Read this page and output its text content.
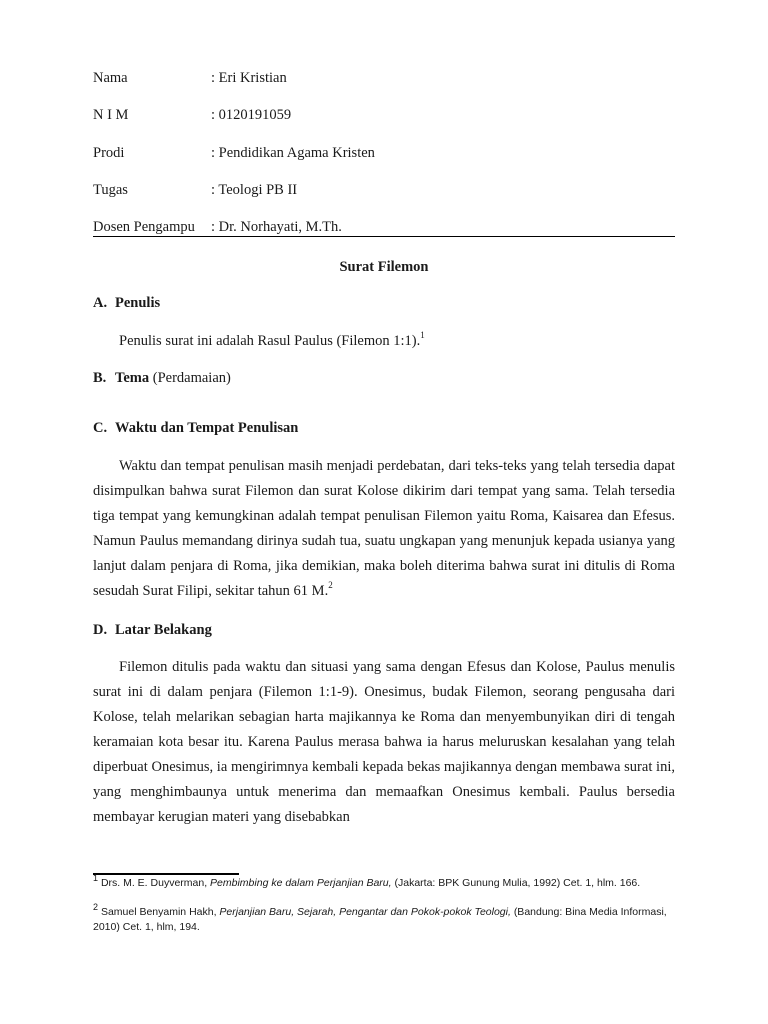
Nama	: Eri Kristian
N I M	: 0120191059
Prodi	: Pendidikan Agama Kristen
Tugas	: Teologi PB II
Dosen Pengampu : Dr. Norhayati, M.Th.
Surat Filemon
A. Penulis
Penulis surat ini adalah Rasul Paulus (Filemon 1:1).$^1$
B. Tema (Perdamaian)
C. Waktu dan Tempat Penulisan
Waktu dan tempat penulisan masih menjadi perdebatan, dari teks-teks yang telah tersedia dapat disimpulkan bahwa surat Filemon dan surat Kolose dikirim dari tempat yang sama. Telah tersedia tiga tempat yang kemungkinan adalah tempat penulisan Filemon yaitu Roma, Kaisarea dan Efesus. Namun Paulus memandang dirinya sudah tua, suatu ungkapan yang menunjuk kepada usianya yang lanjut dalam penjara di Roma, jika demikian, maka boleh diterima bahwa surat ini ditulis di Roma sesudah Surat Filipi, sekitar tahun 61 M.$^2$
D. Latar Belakang
Filemon ditulis pada waktu dan situasi yang sama dengan Efesus dan Kolose, Paulus menulis surat ini di dalam penjara (Filemon 1:1-9). Onesimus, budak Filemon, seorang pengusaha dari Kolose, telah melarikan sebagian harta majikannya ke Roma dan menyembunyikan diri di tengah keramaian kota besar itu. Karena Paulus merasa bahwa ia harus meluruskan kesalahan yang telah diperbuat Onesimus, ia mengirimnya kembali kepada bekas majikannya dengan membawa surat ini, yang menghimbaunya untuk menerima dan memaafkan Onesimus kembali. Paulus bersedia membayar kerugian materi yang disebabkan
$^1$ Drs. M. E. Duyverman, Pembimbing ke dalam Perjanjian Baru, (Jakarta: BPK Gunung Mulia, 1992) Cet. 1, hlm. 166.
$^2$ Samuel Benyamin Hakh, Perjanjian Baru, Sejarah, Pengantar dan Pokok-pokok Teologi, (Bandung: Bina Media Informasi, 2010) Cet. 1, hlm, 194.
